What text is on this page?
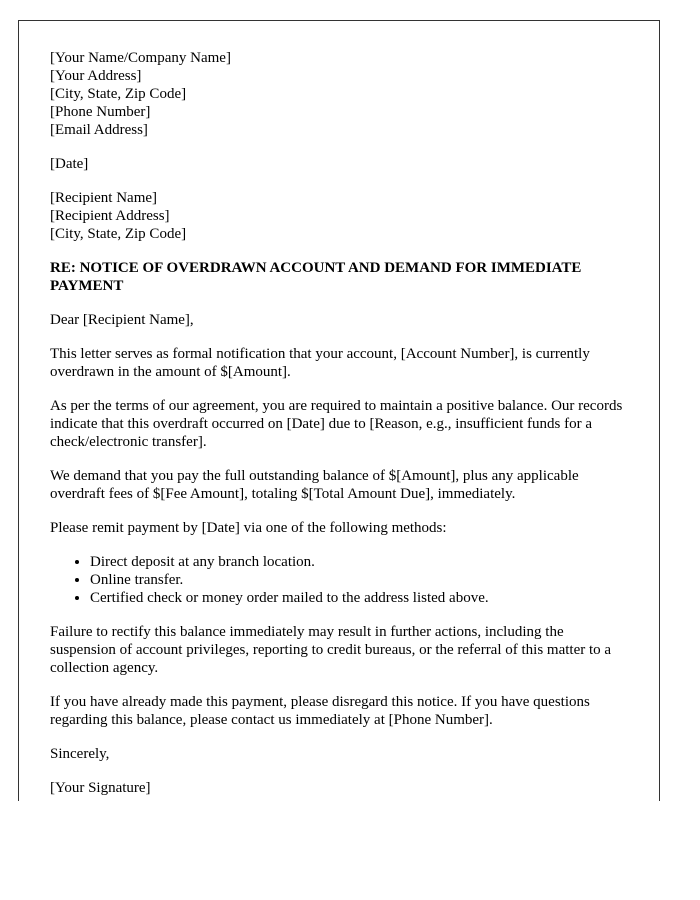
[Your Name/Company Name]
[Your Address]
[City, State, Zip Code]
[Phone Number]
[Email Address]
[Date]
[Recipient Name]
[Recipient Address]
[City, State, Zip Code]
RE: NOTICE OF OVERDRAWN ACCOUNT AND DEMAND FOR IMMEDIATE PAYMENT

Dear [Recipient Name],

This letter serves as formal notification that your account, [Account Number], is currently overdrawn in the amount of $[Amount].

As per the terms of our agreement, you are required to maintain a positive balance. Our records indicate that this overdraft occurred on [Date] due to [Reason, e.g., insufficient funds for a check/electronic transfer].

We demand that you pay the full outstanding balance of $[Amount], plus any applicable overdraft fees of $[Fee Amount], totaling $[Total Amount Due], immediately.

Please remit payment by [Date] via one of the following methods:

• Direct deposit at any branch location.
• Online transfer.
• Certified check or money order mailed to the address listed above.

Failure to rectify this balance immediately may result in further actions, including the suspension of account privileges, reporting to credit bureaus, or the referral of this matter to a collection agency.

If you have already made this payment, please disregard this notice. If you have questions regarding this balance, please contact us immediately at [Phone Number].

Sincerely,

[Your Signature]
